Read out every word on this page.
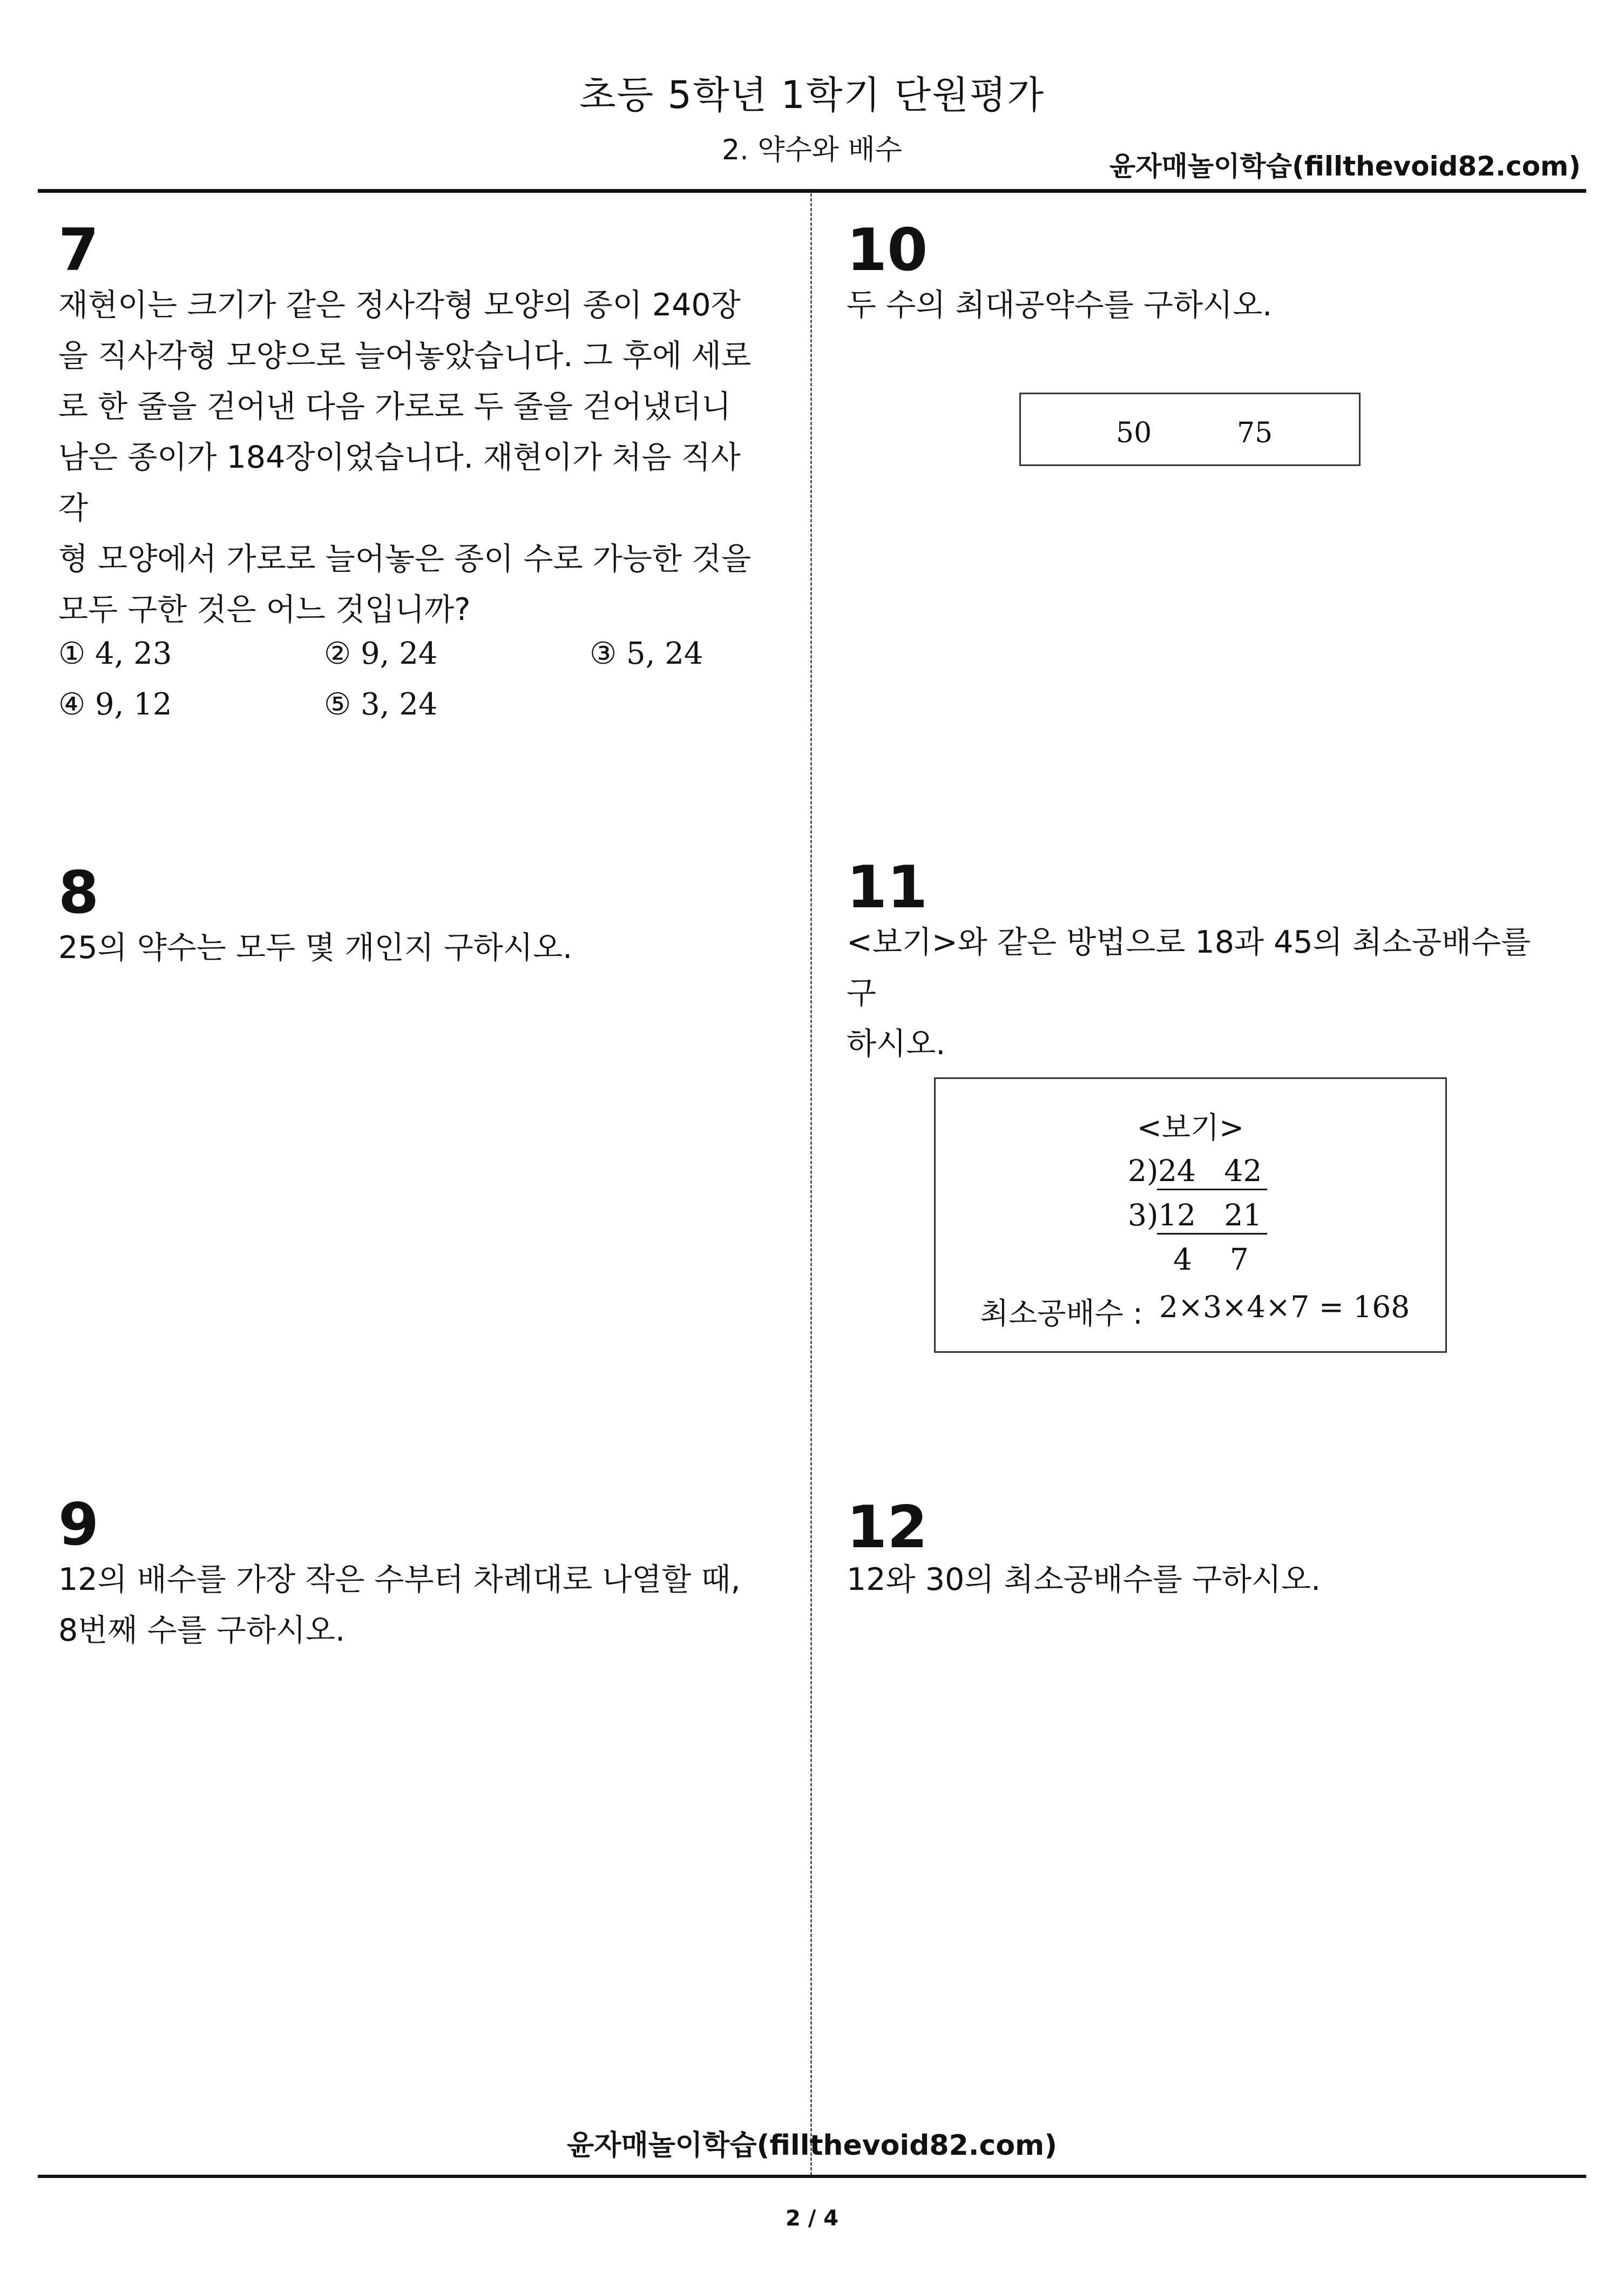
초등 5학년 1학기 단원평가
2. 약수와 배수	윤자매놀이학습(fillthevoid82.com)
7
재현이는 크기가 같은 정사각형 모양의 종이 240장
을 직사각형 모양으로 늘어놓았습니다. 그 후에 세로
로 한 줄을 걷어낸 다음 가로로 두 줄을 걷어냈더니
남은 종이가 184장이었습니다. 재현이가 처음 직사각
형 모양에서 가로로 늘어놓은 종이 수로 가능한 것을
모두 구한 것은 어느 것입니까?
① 4, 23	② 9, 24	③ 5, 24
④ 9, 12	⑤ 3, 24
8
25의 약수는 모두 몇 개인지 구하시오.
9
12의 배수를 가장 작은 수부터 차례대로 나열할 때,
8번째 수를 구하시오.
10
두 수의 최대공약수를 구하시오.
50	75
11
<보기>와 같은 방법으로 18과 45의 최소공배수를 구
하시오.
<보기>
2) 24   42
3) 12   21
4    7
최소공배수 : 2×3×4×7 = 168
12
12와 30의 최소공배수를 구하시오.
윤자매놀이학습(fillthevoid82.com)
2 / 4
